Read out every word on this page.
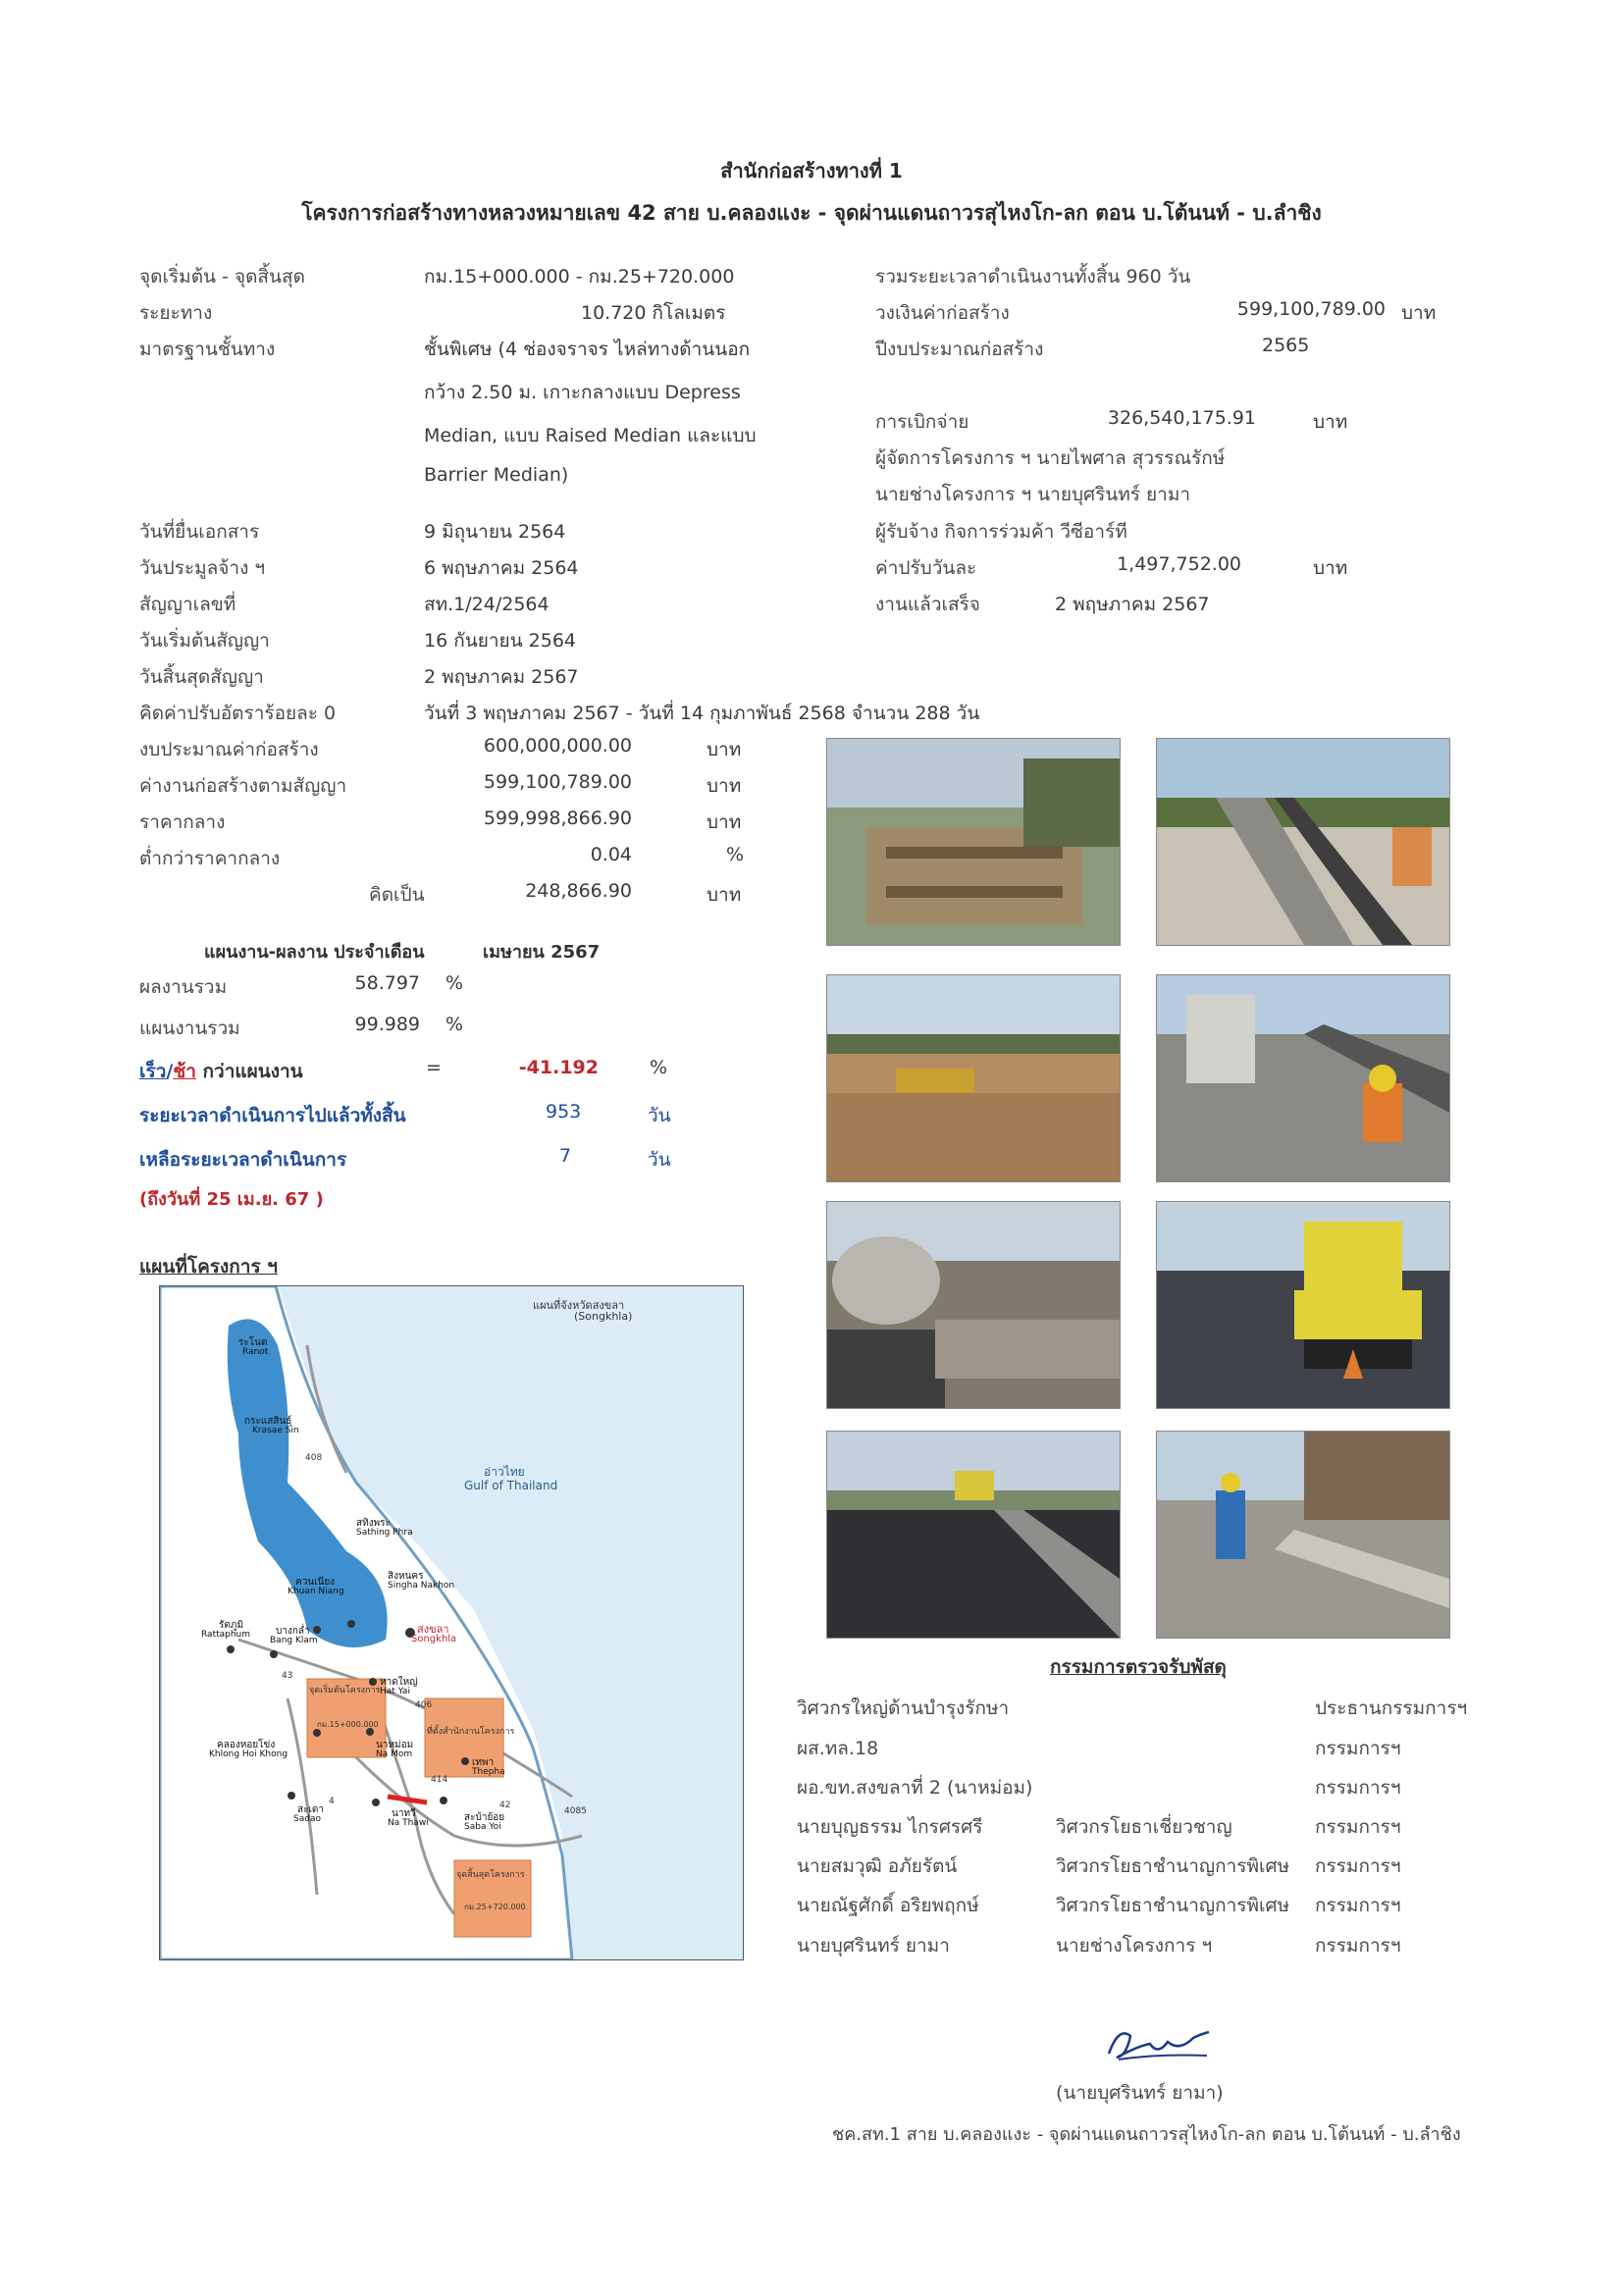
สำนักก่อสร้างทางที่ 1
โครงการก่อสร้างทางหลวงหมายเลข 42 สาย บ.คลองแงะ - จุดผ่านแดนถาวรสุไหงโก-ลก ตอน บ.โต้นนท์ - บ.ลำชิง
จุดเริ่มต้น - จุดสิ้นสุด	กม.15+000.000 - กม.25+720.000
ระยะทาง	10.720 กิโลเมตร
มาตรฐานชั้นทาง	ชั้นพิเศษ (4 ช่องจราจร ไหล่ทางด้านนอก
กว้าง 2.50 ม. เกาะกลางแบบ Depress
Median, แบบ Raised Median และแบบ
Barrier Median)
วันที่ยื่นเอกสาร	9 มิถุนายน 2564
วันประมูลจ้าง ฯ	6 พฤษภาคม 2564
สัญญาเลขที่	สท.1/24/2564
วันเริ่มต้นสัญญา	16 กันยายน 2564
วันสิ้นสุดสัญญา	2 พฤษภาคม 2567
คิดค่าปรับอัตราร้อยละ 0	วันที่ 3 พฤษภาคม 2567 - วันที่ 14 กุมภาพันธ์ 2568 จำนวน 288 วัน
รวมระยะเวลาดำเนินงานทั้งสิ้น 960 วัน
วงเงินค่าก่อสร้าง	599,100,789.00 บาท
ปีงบประมาณก่อสร้าง	2565
การเบิกจ่าย	326,540,175.91	บาท
ผู้จัดการโครงการ ฯ นายไพศาล สุวรรณรักษ์
นายช่างโครงการ ฯ นายบุศรินทร์ ยามา
ผู้รับจ้าง กิจการร่วมค้า วีซีอาร์ที
ค่าปรับวันละ	1,497,752.00	บาท
งานแล้วเสร็จ	2 พฤษภาคม 2567
งบประมาณค่าก่อสร้าง	600,000,000.00	บาท
ค่างานก่อสร้างตามสัญญา	599,100,789.00	บาท
ราคากลาง	599,998,866.90	บาท
ต่ำกว่าราคากลาง	0.04	%
คิดเป็น	248,866.90	บาท
แผนงาน-ผลงาน ประจำเดือน	เมษายน 2567
ผลงานรวม	58.797 %
แผนงานรวม	99.989 %
เร็ว/ช้า กว่าแผนงาน	=	-41.192	%
ระยะเวลาดำเนินการไปแล้วทั้งสิ้น	953	วัน
เหลือระยะเวลาดำเนินการ	7	วัน
(ถึงวันที่ 25 เม.ย. 67 )
แผนที่โครงการ ฯ
แผนที่จังหวัดสงขลา
(Songkhla)
อ่าวไทย
Gulf of Thailand
ระโนด
Ranot
กระแสสินธุ์
Krasae Sin
สทิงพระ
Sathing Phra
สิงหนคร
Singha Nakhon
ควนเนียง
Khuan Niang
รัตภูมิ
Rattaphum	บางกล่ำ
Bang Klam
สงขลา
Songkhla
หาดใหญ่
Hat Yai
คลองหอยโข่ง
Khlong Hoi Khong
นาหม่อม
Na Mom
เทพา
Thepha
สะเดา
Sadao	นาทวี
Na Thawi	สะบ้าย้อย
Saba Yoi
จุดเริ่มต้นโครงการ
กม.15+000.000
ที่ตั้งสำนักงานโครงการ
จุดสิ้นสุดโครงการ
กม.25+720.000
408
43
406
414
42
4
4085
กรรมการตรวจรับพัสดุ
วิศวกรใหญ่ด้านบำรุงรักษา	ประธานกรรมการฯ
ผส.ทล.18	กรรมการฯ
ผอ.ขท.สงขลาที่ 2 (นาหม่อม)	กรรมการฯ
นายบุญธรรม ไกรศรศรี	วิศวกรโยธาเชี่ยวชาญ	กรรมการฯ
นายสมวุฒิ อภัยรัตน์	วิศวกรโยธาชำนาญการพิเศษ กรรมการฯ
นายณัฐศักดิ์ อริยพฤกษ์	วิศวกรโยธาชำนาญการพิเศษ กรรมการฯ
นายบุศรินทร์ ยามา	นายช่างโครงการ ฯ	กรรมการฯ
(นายบุศรินทร์ ยามา)
ชค.สท.1 สาย บ.คลองแงะ - จุดผ่านแดนถาวรสุไหงโก-ลก ตอน บ.โต้นนท์ - บ.ลำชิง
